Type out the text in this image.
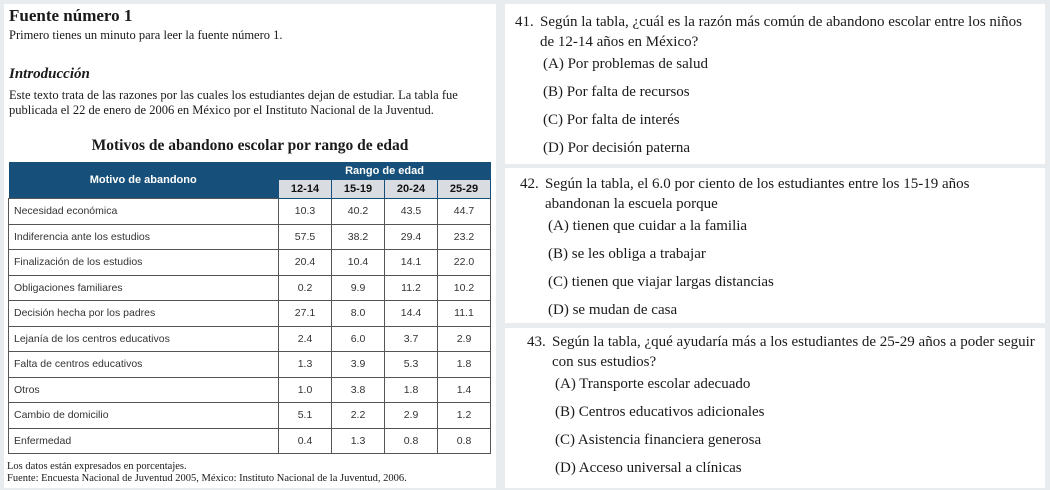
Fuente número 1
Primero tienes un minuto para leer la fuente número 1.
Introducción
Este texto trata de las razones por las cuales los estudiantes dejan de estudiar. La tabla fue publicada el 22 de enero de 2006 en México por el Instituto Nacional de la Juventud.
Motivos de abandono escolar por rango de edad
Motivo de abandono	Rango de edad			
	12-14	15-19	20-24	25-29
Necesidad económica	10.3	40.2	43.5	44.7
Indiferencia ante los estudios	57.5	38.2	29.4	23.2
Finalización de los estudios	20.4	10.4	14.1	22.0
Obligaciones familiares	0.2	9.9	11.2	10.2
Decisión hecha por los padres	27.1	8.0	14.4	11.1
Lejanía de los centros educativos	2.4	6.0	3.7	2.9
Falta de centros educativos	1.3	3.9	5.3	1.8
Otros	1.0	3.8	1.8	1.4
Cambio de domicilio	5.1	2.2	2.9	1.2
Enfermedad	0.4	1.3	0.8	0.8
Los datos están expresados en porcentajes.
Fuente: Encuesta Nacional de Juventud 2005, México: Instituto Nacional de la Juventud, 2006.
41. Según la tabla, ¿cuál es la razón más común de abandono escolar entre los niños de 12-14 años en México?
(A) Por problemas de salud
(B) Por falta de recursos
(C) Por falta de interés
(D) Por decisión paterna
42. Según la tabla, el 6.0 por ciento de los estudiantes entre los 15-19 años abandonan la escuela porque
(A) tienen que cuidar a la familia
(B) se les obliga a trabajar
(C) tienen que viajar largas distancias
(D) se mudan de casa
43. Según la tabla, ¿qué ayudaría más a los estudiantes de 25-29 años a poder seguir con sus estudios?
(A) Transporte escolar adecuado
(B) Centros educativos adicionales
(C) Asistencia financiera generosa
(D) Acceso universal a clínicas
